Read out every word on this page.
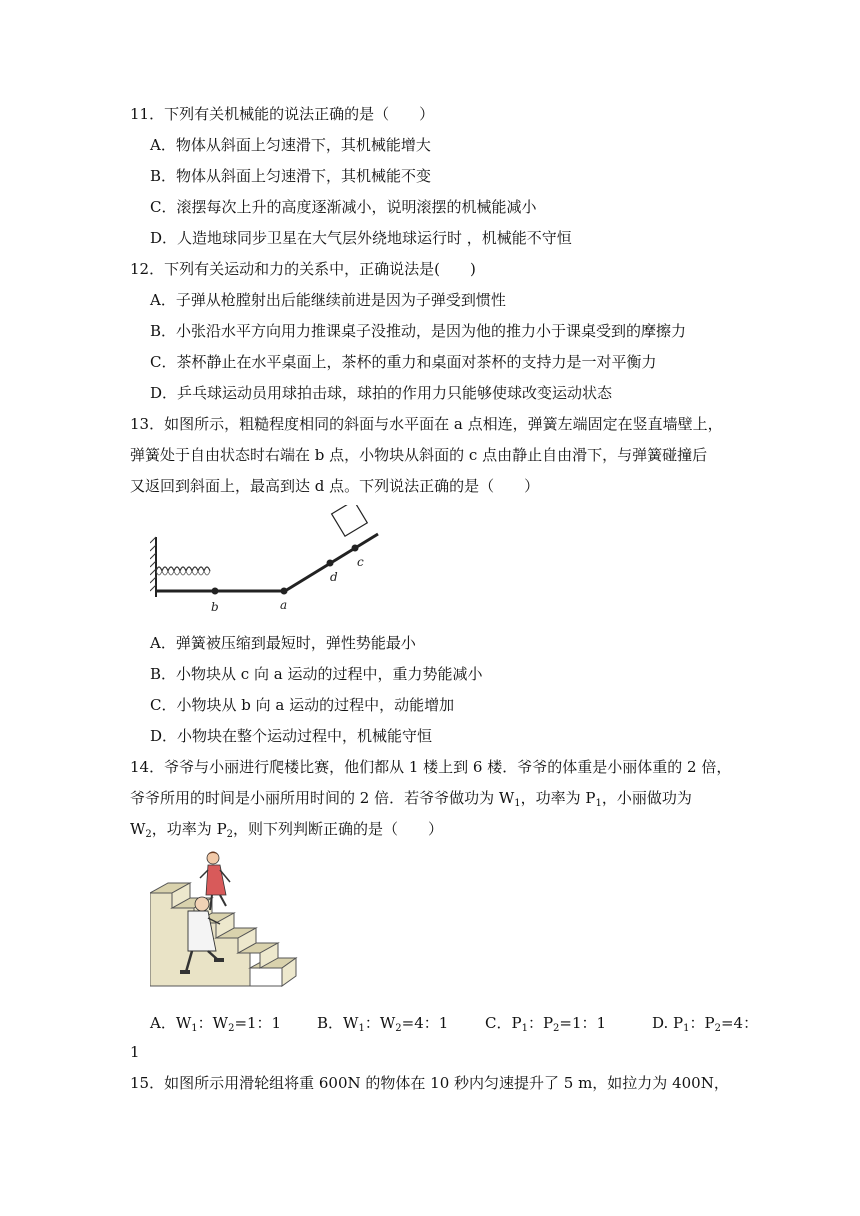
11．下列有关机械能的说法正确的是（　　）
A．物体从斜面上匀速滑下，其机械能增大
B．物体从斜面上匀速滑下，其机械能不变
C．滚摆每次上升的高度逐渐减小，说明滚摆的机械能减小
D．人造地球同步卫星在大气层外绕地球运行时 ，机械能不守恒
12．下列有关运动和力的关系中，正确说法是(　　)
A．子弹从枪膛射出后能继续前进是因为子弹受到惯性
B．小张沿水平方向用力推课桌子没推动，是因为他的推力小于课桌受到的摩擦力
C．茶杯静止在水平桌面上，茶杯的重力和桌面对茶杯的支持力是一对平衡力
D．乒乓球运动员用球拍击球，球拍的作用力只能够使球改变运动状态
13．如图所示，粗糙程度相同的斜面与水平面在 a 点相连，弹簧左端固定在竖直墙壁上，
弹簧处于自由状态时右端在 b 点，小物块从斜面的 c 点由静止自由滑下，与弹簧碰撞后
又返回到斜面上，最高到达 d 点。下列说法正确的是（　　）
b	a
d
c
A．弹簧被压缩到最短时，弹性势能最小
B．小物块从 c 向 a 运动的过程中，重力势能减小
C．小物块从 b 向 a 运动的过程中，动能增加
D．小物块在整个运动过程中，机械能守恒
14．爷爷与小丽进行爬楼比赛，他们都从 1 楼上到 6 楼．爷爷的体重是小丽体重的 2 倍，
爷爷所用的时间是小丽所用时间的 2 倍．若爷爷做功为 $W_1$，功率为 $P_1$，小丽做功为
$W_2$，功率为 $P_2$，则下列判断正确的是（　　）
A．$W_1$：$W_2=1$：1 B．$W_1$：$W_2=4$：1 C．$P_1$：$P_2=1$：1	D. $P_1$：$P_2=4$：
1
15．如图所示用滑轮组将重 600N 的物体在 10 秒内匀速提升了 5 m，如拉力为 400N，
